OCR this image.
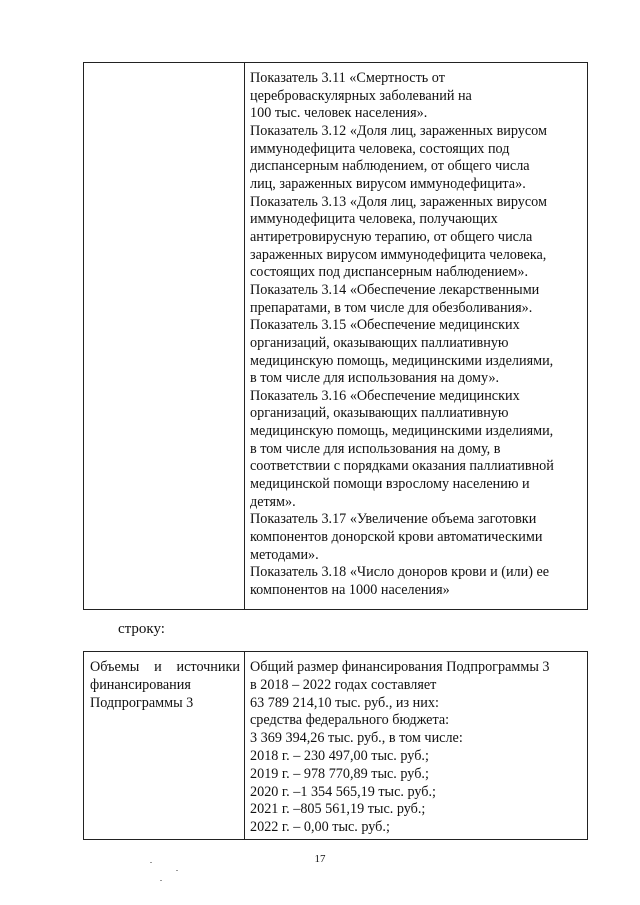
Показатель 3.11 «Смертность от
цереброваскулярных заболеваний на
100 тыс. человек населения».
Показатель 3.12 «Доля лиц, зараженных вирусом
иммунодефицита человека, состоящих под
диспансерным наблюдением, от общего числа
лиц, зараженных вирусом иммунодефицита».
Показатель 3.13 «Доля лиц, зараженных вирусом
иммунодефицита человека, получающих
антиретровирусную терапию, от общего числа
зараженных вирусом иммунодефицита человека,
состоящих под диспансерным наблюдением».
Показатель 3.14 «Обеспечение лекарственными
препаратами, в том числе для обезболивания».
Показатель 3.15 «Обеспечение медицинских
организаций, оказывающих паллиативную
медицинскую помощь, медицинскими изделиями,
в том числе для использования на дому».
Показатель 3.16 «Обеспечение медицинских
организаций, оказывающих паллиативную
медицинскую помощь, медицинскими изделиями,
в том числе для использования на дому, в
соответствии с порядками оказания паллиативной
медицинской помощи взрослому населению и
детям».
Показатель 3.17 «Увеличение объема заготовки
компонентов донорской крови автоматическими
методами».
Показатель 3.18 «Число доноров крови и (или) ее
компонентов на 1000 населения»
строку:
Объемы и источники
финансирования
Подпрограммы 3
Общий размер финансирования Подпрограммы 3
в 2018 – 2022 годах составляет
63 789 214,10 тыс. руб., из них:
средства федерального бюджета:
3 369 394,26 тыс. руб., в том числе:
2018 г. – 230 497,00 тыс. руб.;
2019 г. – 978 770,89 тыс. руб.;
2020 г. –1 354 565,19 тыс. руб.;
2021 г. –805 561,19 тыс. руб.;
2022 г. – 0,00 тыс. руб.;
17
